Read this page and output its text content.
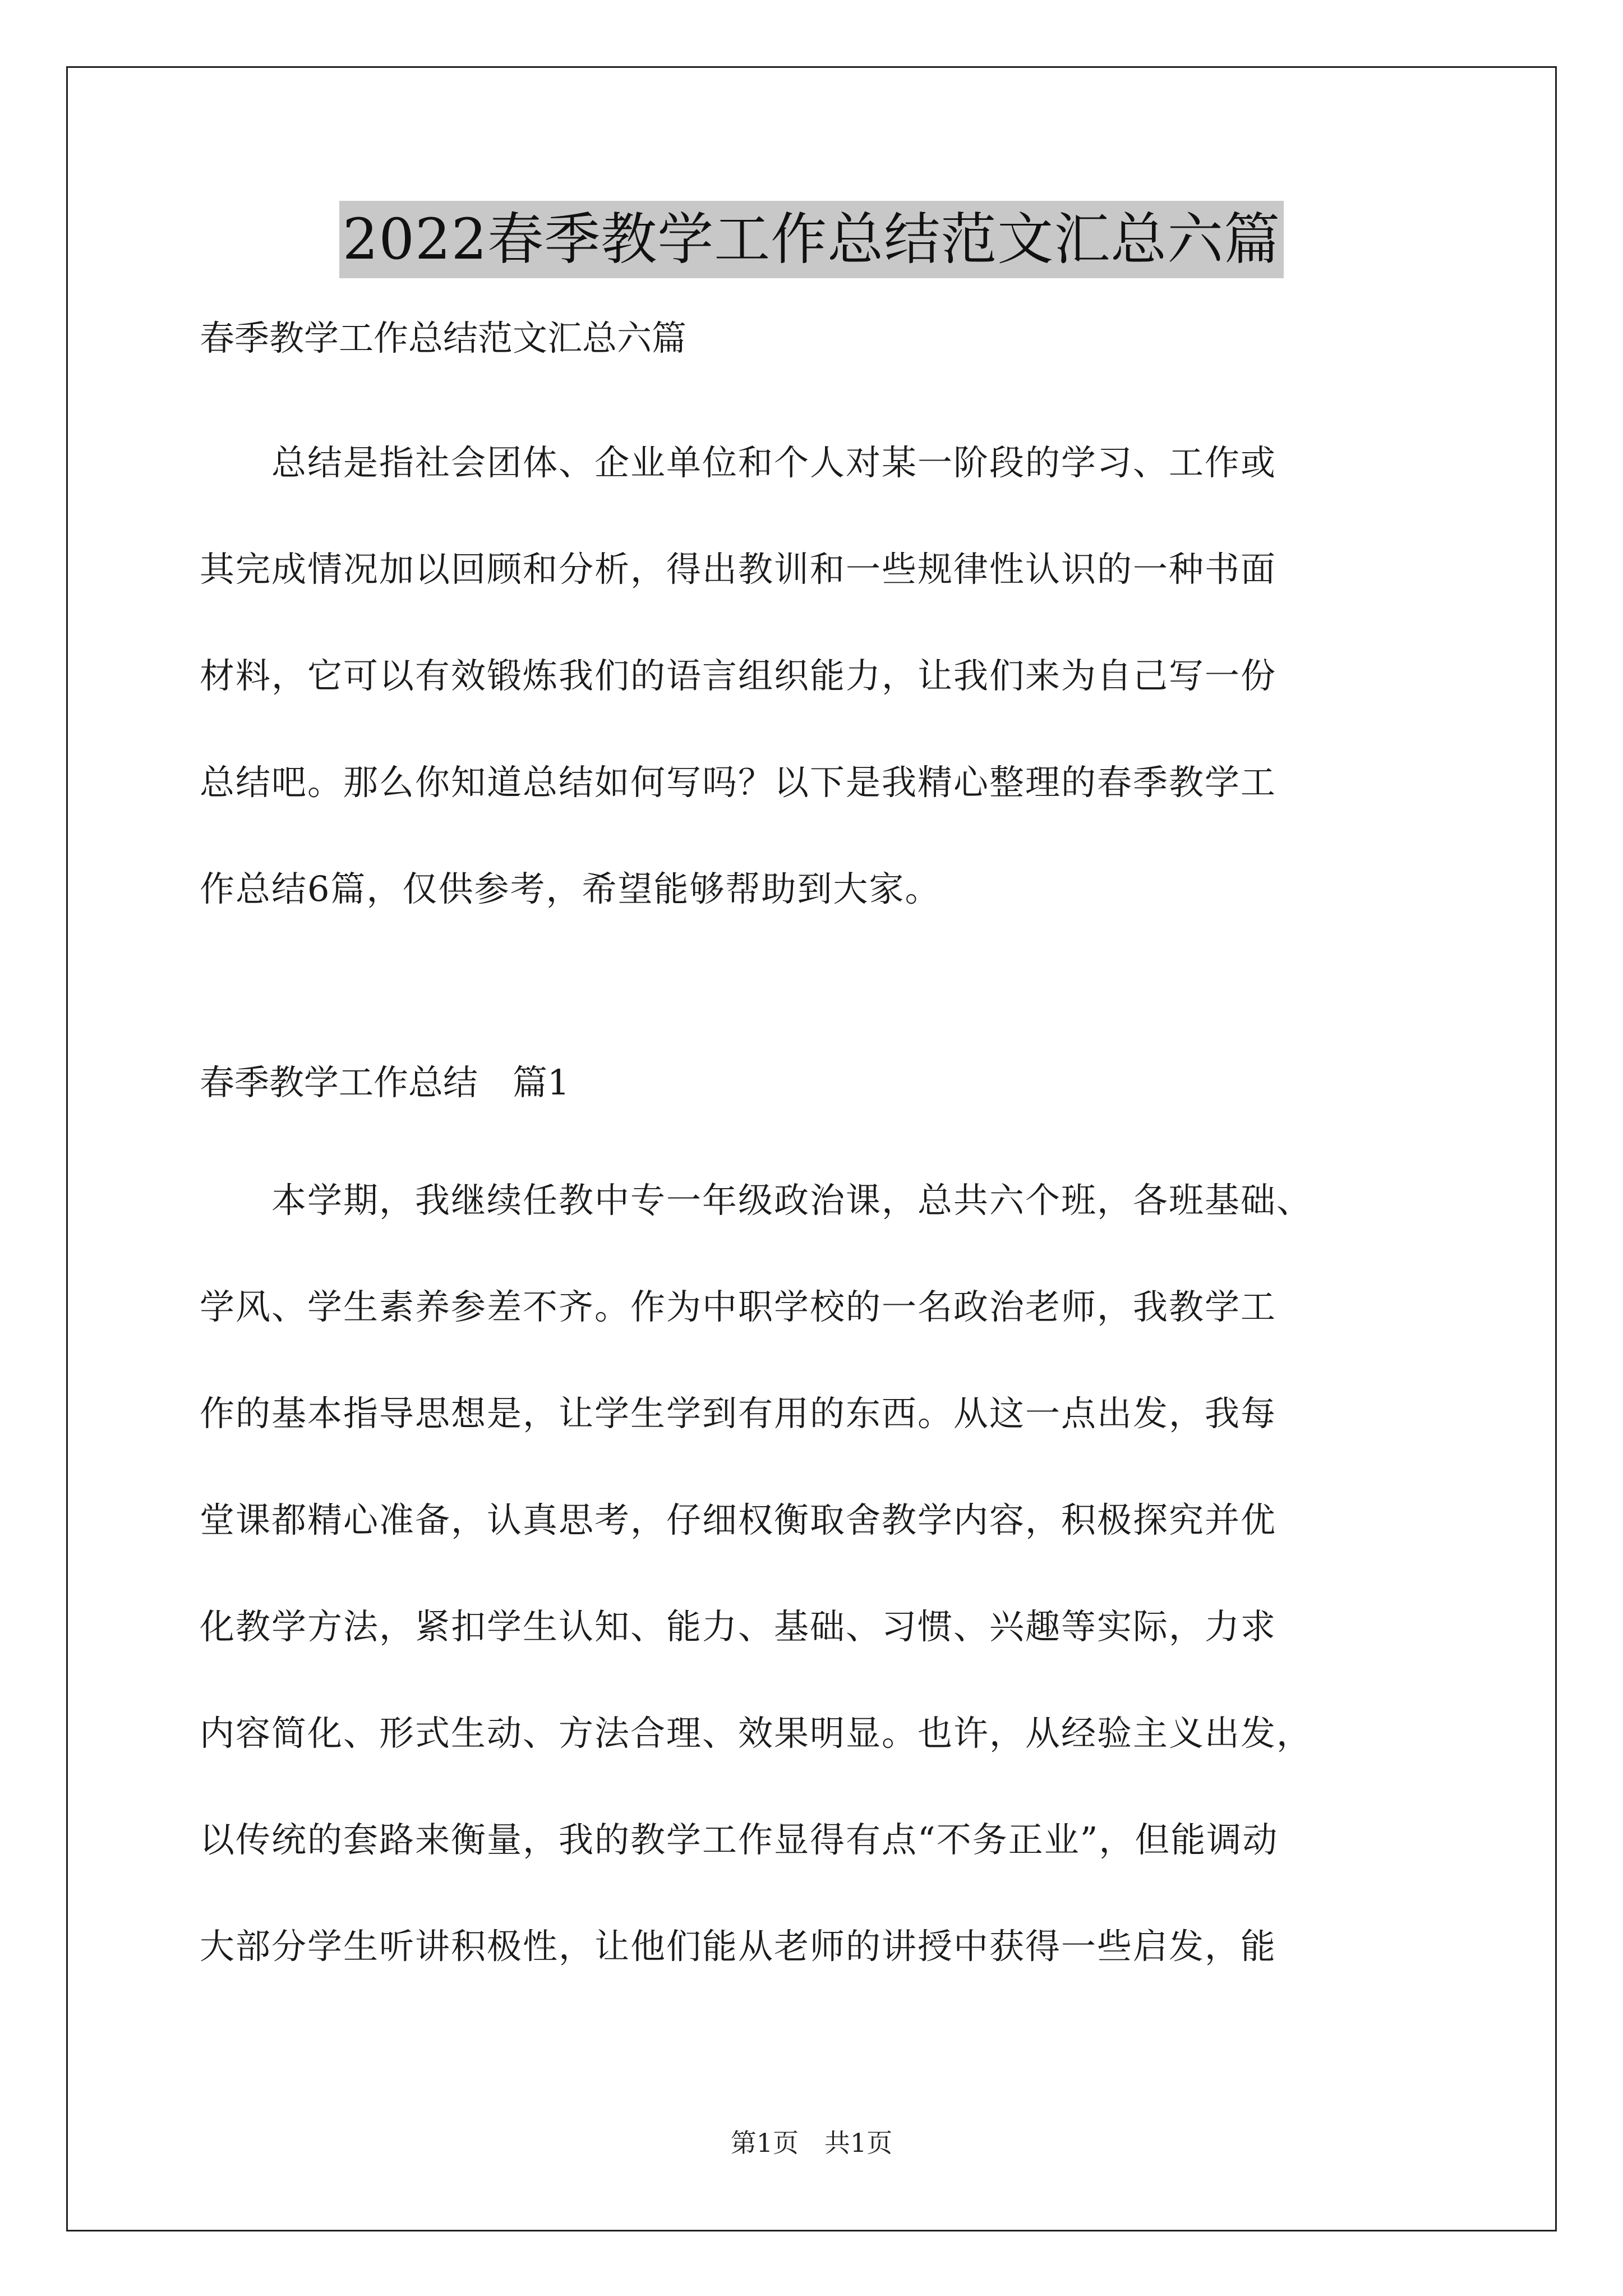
2022春季教学工作总结范文汇总六篇
春季教学工作总结范文汇总六篇
　　总结是指社会团体、企业单位和个人对某一阶段的学习、工作或
其完成情况加以回顾和分析，得出教训和一些规律性认识的一种书面
材料，它可以有效锻炼我们的语言组织能力，让我们来为自己写一份
总结吧。那么你知道总结如何写吗？以下是我精心整理的春季教学工
作总结6篇，仅供参考，希望能够帮助到大家。
春季教学工作总结　篇1
　　本学期，我继续任教中专一年级政治课，总共六个班，各班基础、
学风、学生素养参差不齐。作为中职学校的一名政治老师，我教学工
作的基本指导思想是，让学生学到有用的东西。从这一点出发，我每
堂课都精心准备，认真思考，仔细权衡取舍教学内容，积极探究并优
化教学方法，紧扣学生认知、能力、基础、习惯、兴趣等实际，力求
内容简化、形式生动、方法合理、效果明显。也许，从经验主义出发，
以传统的套路来衡量，我的教学工作显得有点“不务正业”，但能调动
大部分学生听讲积极性，让他们能从老师的讲授中获得一些启发，能
第1页　共1页
